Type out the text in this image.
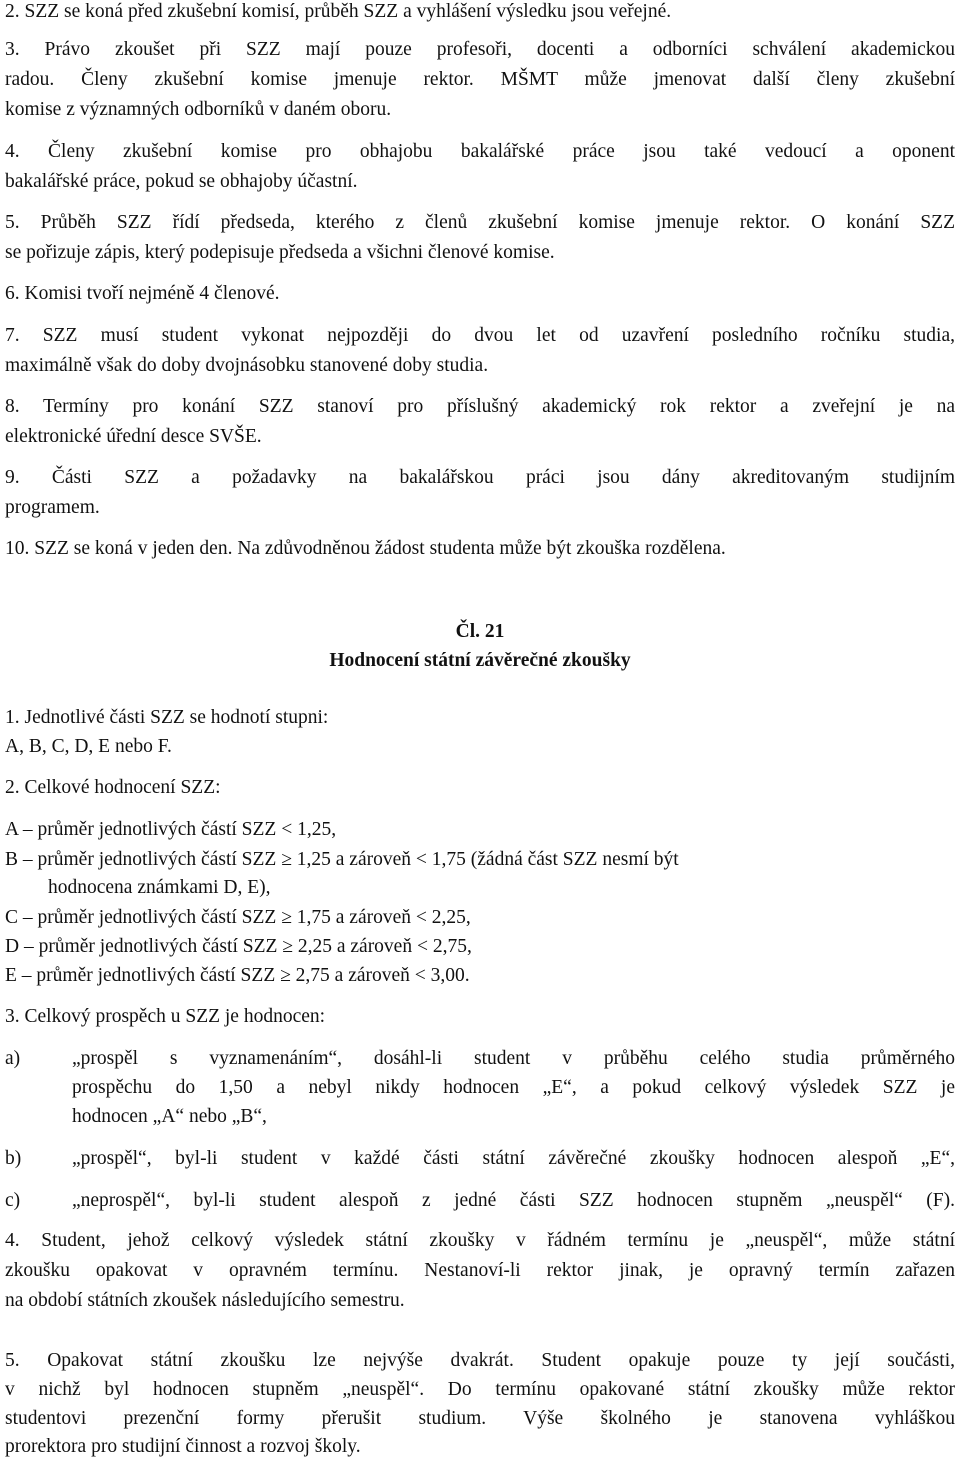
2. SZZ se koná před zkušební komisí, průběh SZZ a vyhlášení výsledku jsou veřejné.
3. Právo zkoušet při SZZ mají pouze profesoři, docenti a odborníci schválení akademickou
radou. Členy zkušební komise jmenuje rektor. MŠMT může jmenovat další členy zkušební
komise z významných odborníků v daném oboru.
4. Členy zkušební komise pro obhajobu bakalářské práce jsou také vedoucí a oponent
bakalářské práce, pokud se obhajoby účastní.
5. Průběh SZZ řídí předseda, kterého z členů zkušební komise jmenuje rektor. O konání SZZ
se pořizuje zápis, který podepisuje předseda a všichni členové komise.
6. Komisi tvoří nejméně 4 členové.
7. SZZ musí student vykonat nejpozději do dvou let od uzavření posledního ročníku studia,
maximálně však do doby dvojnásobku stanovené doby studia.
8. Termíny pro konání SZZ stanoví pro příslušný akademický rok rektor a zveřejní je na
elektronické úřední desce SVŠE.
9. Části SZZ a požadavky na bakalářskou práci jsou dány akreditovaným studijním
programem.
10. SZZ se koná v jeden den. Na zdůvodněnou žádost studenta může být zkouška rozdělena.
Čl. 21
Hodnocení státní závěrečné zkoušky
1. Jednotlivé části SZZ se hodnotí stupni:
A, B, C, D, E nebo F.
2. Celkové hodnocení SZZ:
A – průměr jednotlivých částí SZZ < 1,25,
B – průměr jednotlivých částí SZZ ≥ 1,25 a zároveň < 1,75 (žádná část SZZ nesmí být
hodnocena známkami D, E),
C – průměr jednotlivých částí SZZ ≥ 1,75 a zároveň < 2,25,
D – průměr jednotlivých částí SZZ ≥ 2,25 a zároveň < 2,75,
E – průměr jednotlivých částí SZZ ≥ 2,75 a zároveň < 3,00.
3. Celkový prospěch u SZZ je hodnocen:
a)	„prospěl s vyznamenáním“, dosáhl-li student v průběhu celého studia průměrného
prospěchu do 1,50 a nebyl nikdy hodnocen „E“, a pokud celkový výsledek SZZ je
hodnocen „A“ nebo „B“,
b)	„prospěl“, byl-li student v každé části státní závěrečné zkoušky hodnocen alespoň „E“,
c)	„neprospěl“, byl-li student alespoň z jedné části SZZ hodnocen stupněm „neuspěl“ (F).
4. Student, jehož celkový výsledek státní zkoušky v řádném termínu je „neuspěl“, může státní
zkoušku opakovat v opravném termínu. Nestanoví-li rektor jinak, je opravný termín zařazen
na období státních zkoušek následujícího semestru.
5. Opakovat státní zkoušku lze nejvýše dvakrát. Student opakuje pouze ty její součásti,
v nichž byl hodnocen stupněm „neuspěl“. Do termínu opakované státní zkoušky může rektor
studentovi prezenční formy přerušit studium. Výše školného je stanovena vyhláškou
prorektora pro studijní činnost a rozvoj školy.
